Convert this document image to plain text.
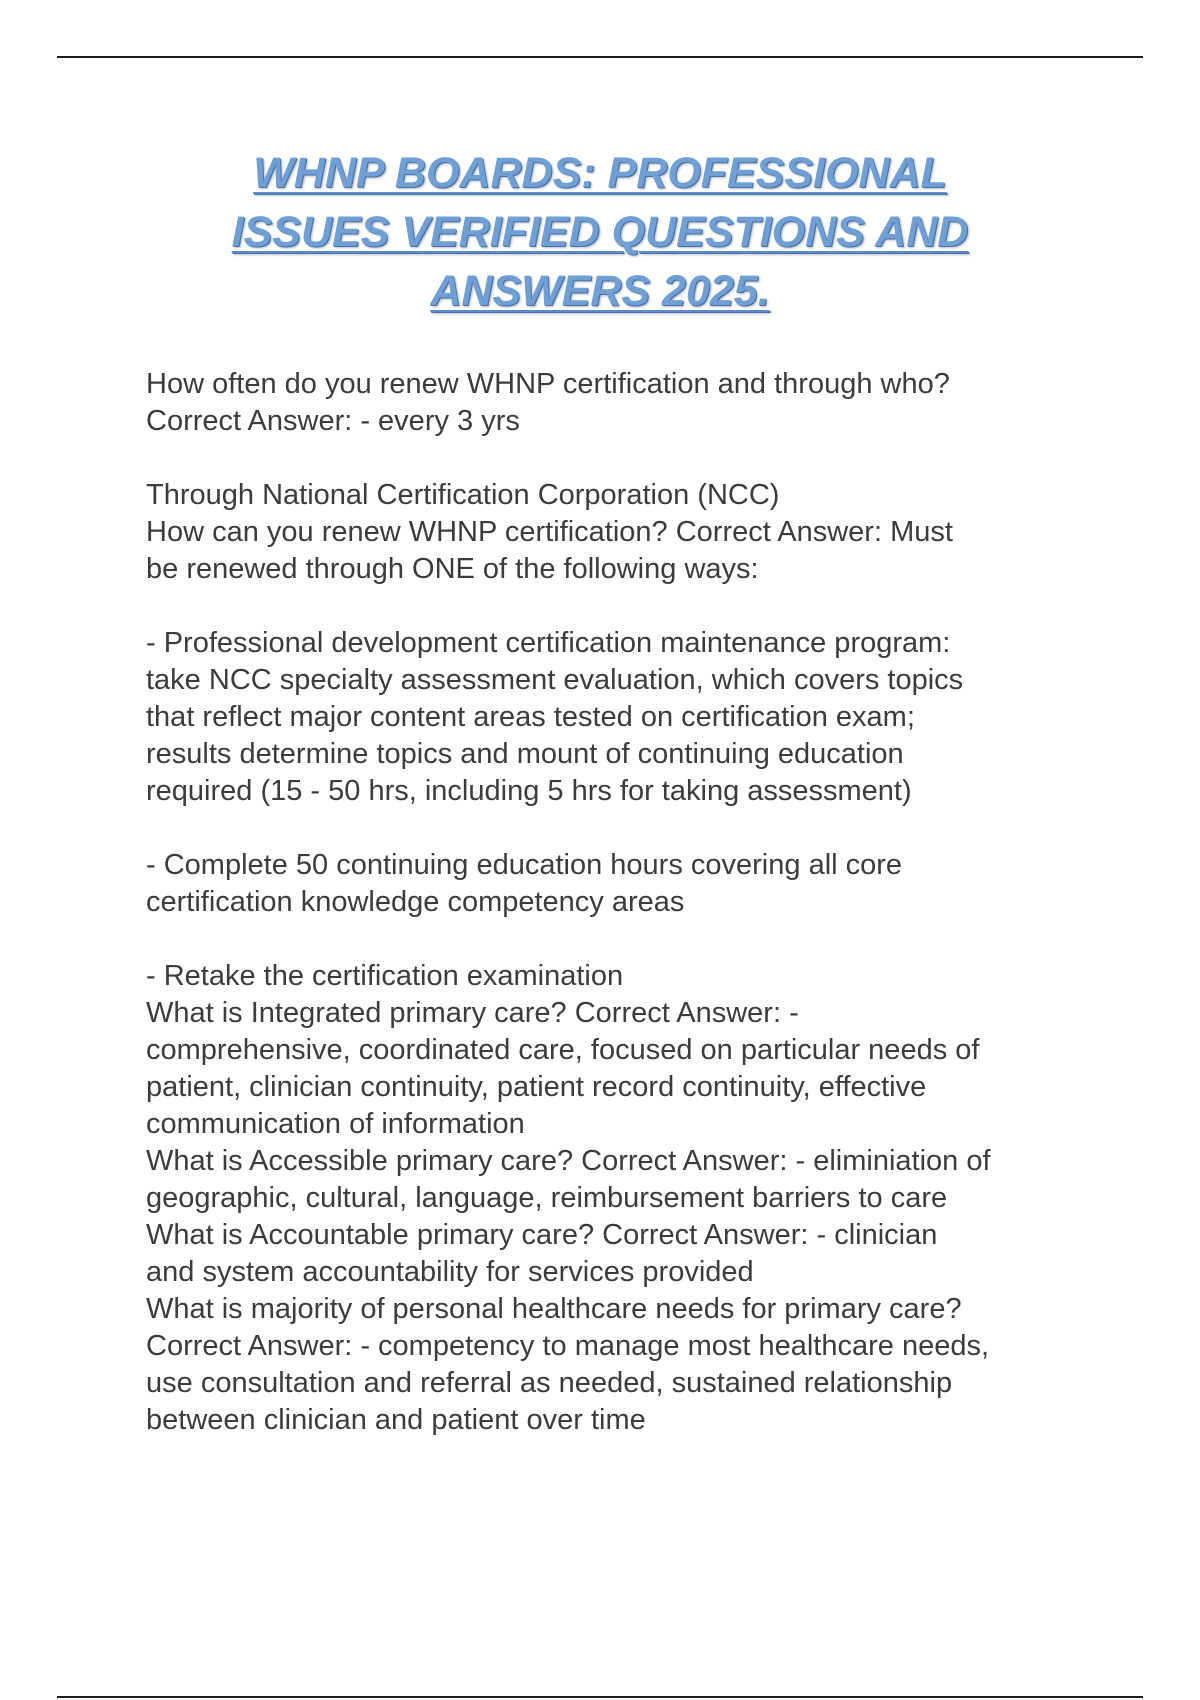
WHNP BOARDS: PROFESSIONAL
ISSUES VERIFIED QUESTIONS AND
ANSWERS 2025.

How often do you renew WHNP certification and through who?

Correct Answer: - every 3 yrs

Through National Certification Corporation (NCC)

How can you renew WHNP certification? Correct Answer: Must

be renewed through ONE of the following ways:

- Professional development certification maintenance program:

take NCC specialty assessment evaluation, which covers topics

that reflect major content areas tested on certification exam;

results determine topics and mount of continuing education

required (15 - 50 hrs, including 5 hrs for taking assessment)

- Complete 50 continuing education hours covering all core

certification knowledge competency areas

- Retake the certification examination

What is Integrated primary care? Correct Answer: -

comprehensive, coordinated care, focused on particular needs of

patient, clinician continuity, patient record continuity, effective

communication of information

What is Accessible primary care? Correct Answer: - eliminiation of

geographic, cultural, language, reimbursement barriers to care

What is Accountable primary care? Correct Answer: - clinician

and system accountability for services provided

What is majority of personal healthcare needs for primary care?

Correct Answer: - competency to manage most healthcare needs,

use consultation and referral as needed, sustained relationship

between clinician and patient over time
